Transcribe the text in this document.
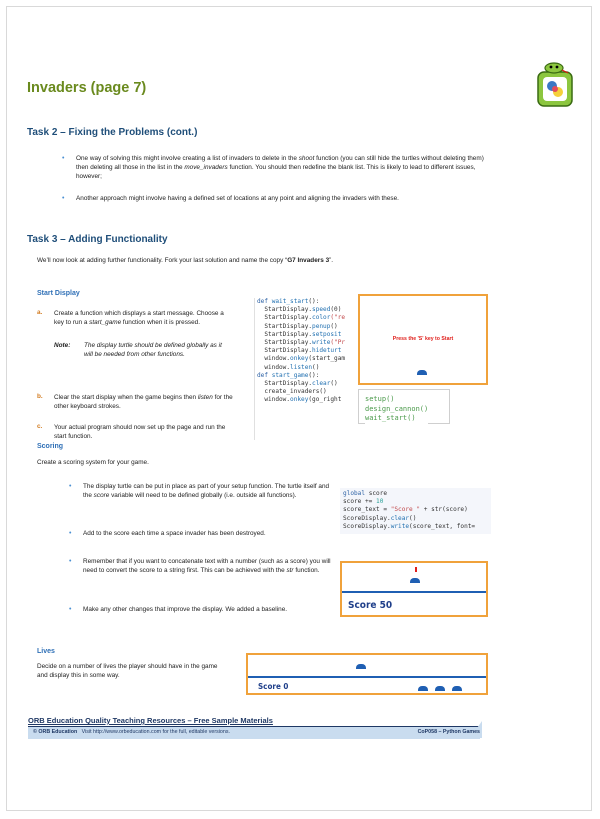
Invaders (page 7)
Task 2 – Fixing the Problems (cont.)
• One way of solving this might involve creating a list of invaders to delete in the shoot function (you can still hide the turtles without deleting them) then deleting all those in the list in the move_invaders function. You should then redefine the blank list. This is likely to lead to different issues, however;
• Another approach might involve having a defined set of locations at any point and aligning the invaders with these.
Task 3 – Adding Functionality
We’ll now look at adding further functionality. Fork your last solution and name the copy “G7 Invaders 3”.
Start Display
a. Create a function which displays a start message. Choose a key to run a start_game function when it is pressed.
Note: The display turtle should be defined globally as it will be needed from other functions.
b. Clear the start display when the game begins then listen for the other keyboard strokes.
c. Your actual program should now set up the page and run the start function.
def wait_start():
StartDisplay.speed(0)
StartDisplay.color("re
StartDisplay.penup()
StartDisplay.setposit
StartDisplay.write("Pr
StartDisplay.hideturt
window.onkey(start_gam
window.listen()
def start_game():
StartDisplay.clear()
create_invaders()
window.onkey(go_right
Press the 'S' key to Start
setup()
design_cannon()
wait_start()
Scoring
Create a scoring system for your game.
• The display turtle can be put in place as part of your setup function. The turtle itself and the score variable will need to be defined globally (i.e. outside all functions).
• Add to the score each time a space invader has been destroyed.
• Remember that if you want to concatenate text with a number (such as a score) you will need to convert the score to a string first. This can be achieved with the str function.
• Make any other changes that improve the display. We added a baseline.
global score
score += 10
score_text = "Score " + str(score)
ScoreDisplay.clear()
ScoreDisplay.write(score_text, font=
Score 50
Lives
Decide on a number of lives the player should have in the game and display this in some way.
Score 0
ORB Education Quality Teaching Resources – Free Sample Materials
© ORB Education Visit http://www.orbeducation.com for the full, editable versions.	CoP058 – Python Games
